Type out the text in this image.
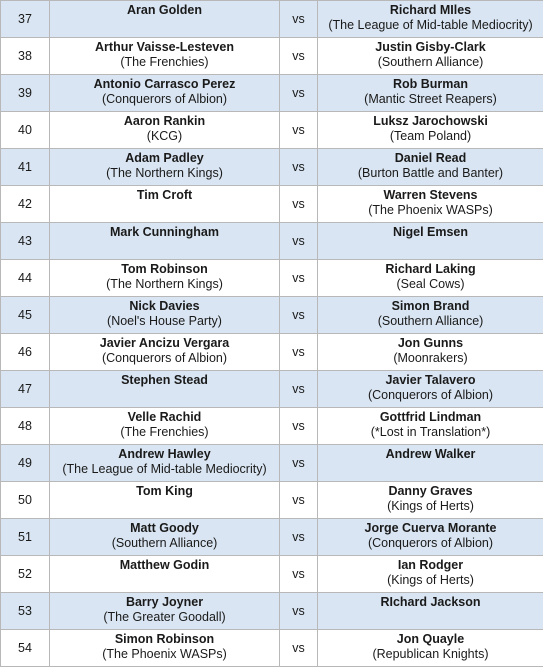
37	Aran Golden	vs	Richard MIles
(The League of Mid-table Mediocrity)

38	Arthur Vaisse-Lesteven
(The Frenchies)	vs	Justin Gisby-Clark
(Southern Alliance)

39	Antonio Carrasco Perez
(Conquerors of Albion)	vs	Rob Burman
(Mantic Street Reapers)

40	Aaron Rankin
(KCG)	vs	Luksz Jarochowski
(Team Poland)

41	Adam Padley
(The Northern Kings)	vs	Daniel Read
(Burton Battle and Banter)

42	Tim Croft	vs	Warren Stevens
(The Phoenix WASPs)

43	Mark Cunningham	vs	Nigel Emsen

44	Tom Robinson
(The Northern Kings)	vs	Richard Laking
(Seal Cows)

45	Nick Davies
(Noel's House Party)	vs	Simon Brand
(Southern Alliance)

46	Javier Ancizu Vergara
(Conquerors of Albion)	vs	Jon Gunns
(Moonrakers)

47	Stephen Stead	vs	Javier Talavero
(Conquerors of Albion)

48	Velle Rachid
(The Frenchies)	vs	Gottfrid Lindman
(*Lost in Translation*)

49	Andrew Hawley
(The League of Mid-table Mediocrity)	vs	Andrew Walker

50	Tom King	vs	Danny Graves
(Kings of Herts)

51	Matt Goody
(Southern Alliance)	vs	Jorge Cuerva Morante
(Conquerors of Albion)

52	Matthew Godin	vs	Ian Rodger
(Kings of Herts)

53	Barry Joyner
(The Greater Goodall)	vs	RIchard Jackson

54	Simon Robinson
(The Phoenix WASPs)	vs	Jon Quayle
(Republican Knights)
